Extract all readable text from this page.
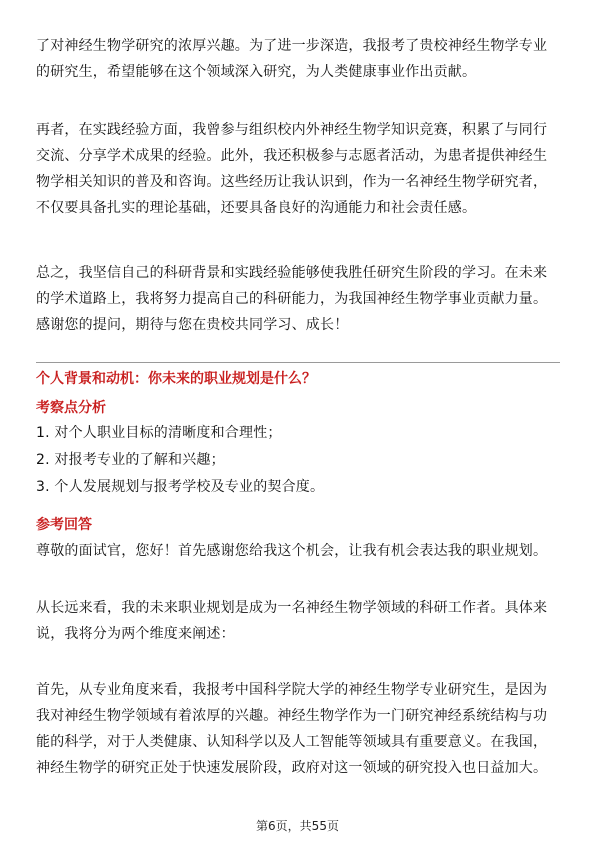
了对神经生物学研究的浓厚兴趣。为了进一步深造，我报考了贵校神经生物学专业
的研究生，希望能够在这个领域深入研究，为人类健康事业作出贡献。
再者，在实践经验方面，我曾参与组织校内外神经生物学知识竞赛，积累了与同行
交流、分享学术成果的经验。此外，我还积极参与志愿者活动，为患者提供神经生
物学相关知识的普及和咨询。这些经历让我认识到，作为一名神经生物学研究者，
不仅要具备扎实的理论基础，还要具备良好的沟通能力和社会责任感。
总之，我坚信自己的科研背景和实践经验能够使我胜任研究生阶段的学习。在未来
的学术道路上，我将努力提高自己的科研能力，为我国神经生物学事业贡献力量。
感谢您的提问，期待与您在贵校共同学习、成长！
个人背景和动机：你未来的职业规划是什么？
考察点分析
1. 对个人职业目标的清晰度和合理性；
2. 对报考专业的了解和兴趣；
3. 个人发展规划与报考学校及专业的契合度。
参考回答
尊敬的面试官，您好！首先感谢您给我这个机会，让我有机会表达我的职业规划。
从长远来看，我的未来职业规划是成为一名神经生物学领域的科研工作者。具体来
说，我将分为两个维度来阐述：
首先，从专业角度来看，我报考中国科学院大学的神经生物学专业研究生，是因为
我对神经生物学领域有着浓厚的兴趣。神经生物学作为一门研究神经系统结构与功
能的科学，对于人类健康、认知科学以及人工智能等领域具有重要意义。在我国，
神经生物学的研究正处于快速发展阶段，政府对这一领域的研究投入也日益加大。
第6页，共55页
